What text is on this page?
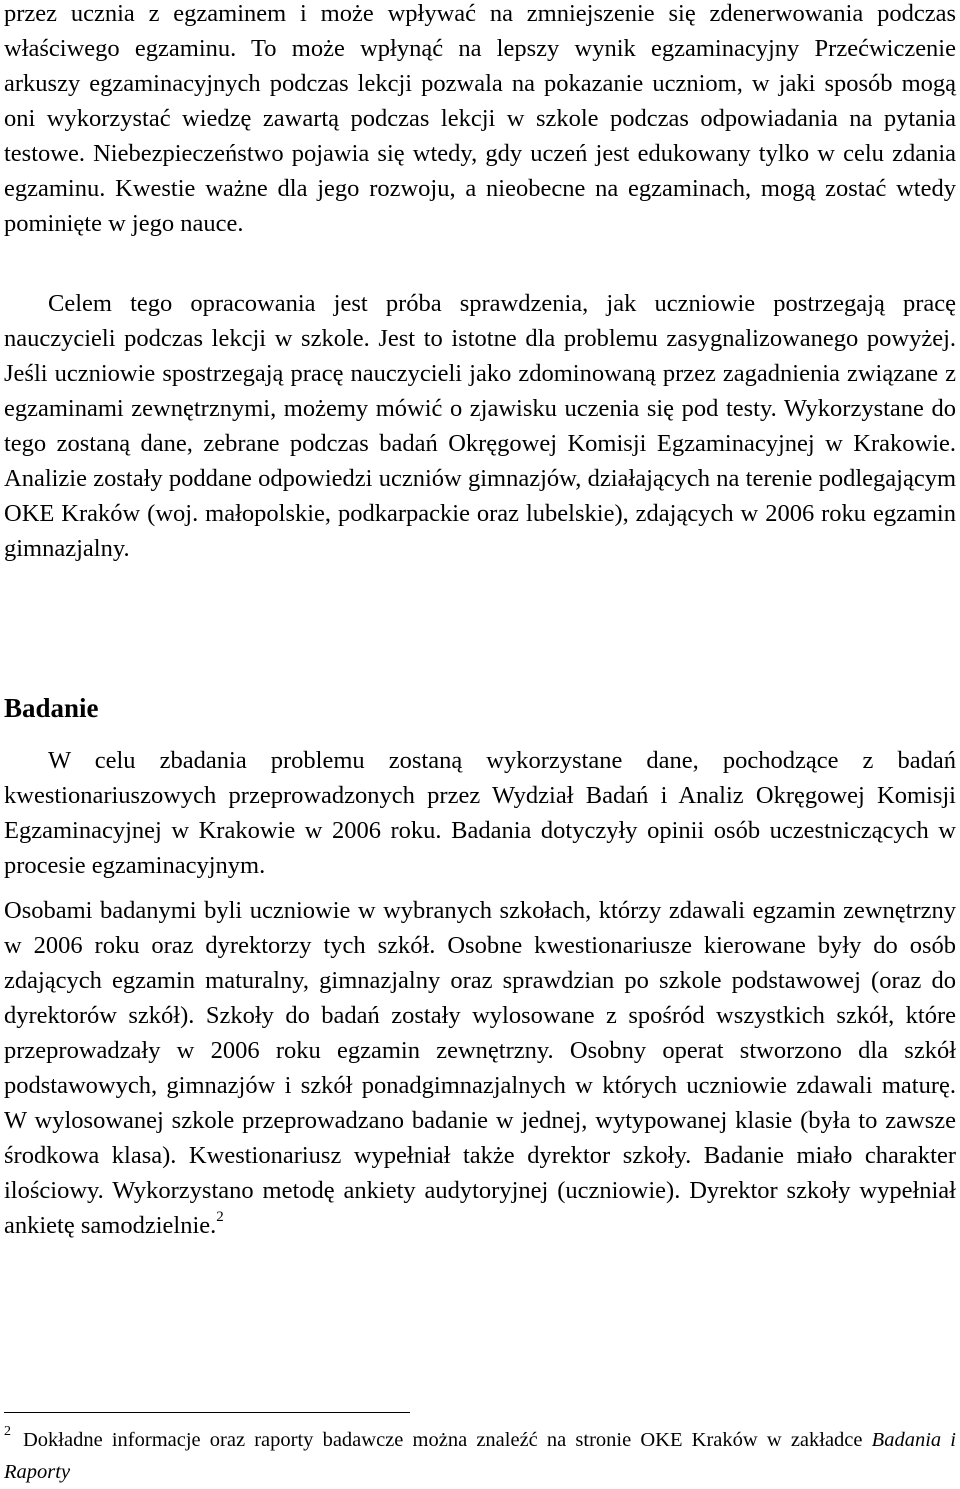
przez ucznia z egzaminem i może wpływać na zmniejszenie się zdenerwowania podczas właściwego egzaminu. To może wpłynąć na lepszy wynik egzaminacyjny Przećwiczenie arkuszy egzaminacyjnych podczas lekcji pozwala na pokazanie uczniom, w jaki sposób mogą oni wykorzystać wiedzę zawartą podczas lekcji w szkole podczas odpowiadania na pytania testowe. Niebezpieczeństwo pojawia się wtedy, gdy uczeń jest edukowany tylko w celu zdania egzaminu. Kwestie ważne dla jego rozwoju, a nieobecne na egzaminach, mogą zostać wtedy pominięte w jego nauce.

Celem tego opracowania jest próba sprawdzenia, jak uczniowie postrzegają pracę nauczycieli podczas lekcji w szkole. Jest to istotne dla problemu zasygnalizowanego powyżej. Jeśli uczniowie spostrzegają pracę nauczycieli jako zdominowaną przez zagadnienia związane z egzaminami zewnętrznymi, możemy mówić o zjawisku uczenia się pod testy. Wykorzystane do tego zostaną dane, zebrane podczas badań Okręgowej Komisji Egzaminacyjnej w Krakowie. Analizie zostały poddane odpowiedzi uczniów gimnazjów, działających na terenie podlegającym OKE Kraków (woj. małopolskie, podkarpackie oraz lubelskie), zdających w 2006 roku egzamin gimnazjalny.

Badanie

W celu zbadania problemu zostaną wykorzystane dane, pochodzące z badań kwestionariuszowych przeprowadzonych przez Wydział Badań i Analiz Okręgowej Komisji Egzaminacyjnej w Krakowie w 2006 roku. Badania dotyczyły opinii osób uczestniczących w procesie egzaminacyjnym.

Osobami badanymi byli uczniowie w wybranych szkołach, którzy zdawali egzamin zewnętrzny w 2006 roku oraz dyrektorzy tych szkół. Osobne kwestionariusze kierowane były do osób zdających egzamin maturalny, gimnazjalny oraz sprawdzian po szkole podstawowej (oraz do dyrektorów szkół). Szkoły do badań zostały wylosowane z spośród wszystkich szkół, które przeprowadzały w 2006 roku egzamin zewnętrzny. Osobny operat stworzono dla szkół podstawowych, gimnazjów i szkół ponadgimnazjalnych w których uczniowie zdawali maturę. W wylosowanej szkole przeprowadzano badanie w jednej, wytypowanej klasie (była to zawsze środkowa klasa). Kwestionariusz wypełniał także dyrektor szkoły. Badanie miało charakter ilościowy. Wykorzystano metodę ankiety audytoryjnej (uczniowie). Dyrektor szkoły wypełniał ankietę samodzielnie.$^2$

$^2$ Dokładne informacje oraz raporty badawcze można znaleźć na stronie OKE Kraków w zakładce Badania i Raporty
